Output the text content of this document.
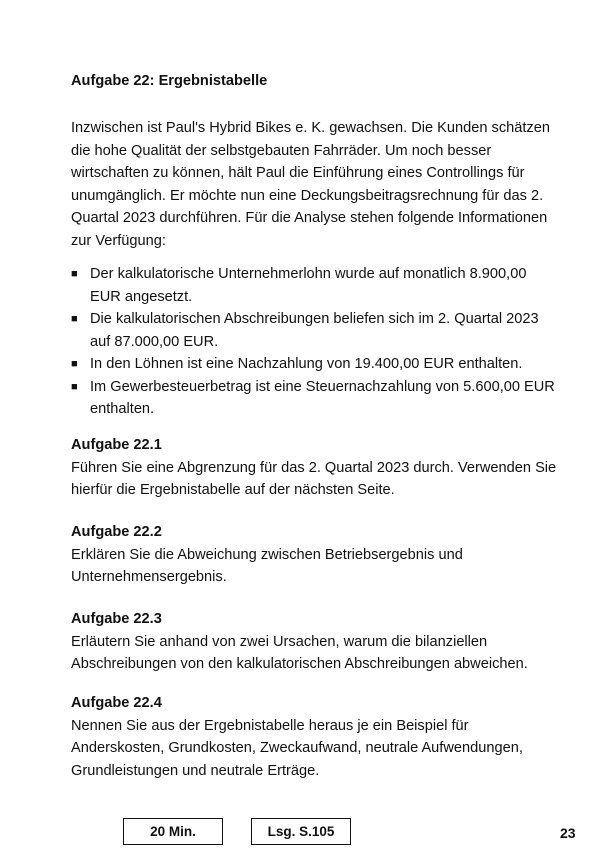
Aufgabe 22: Ergebnistabelle
Inzwischen ist Paul's Hybrid Bikes e. K. gewachsen. Die Kunden schätzen die hohe Qualität der selbstgebauten Fahrräder. Um noch besser wirtschaften zu können, hält Paul die Einführung eines Controllings für unumgänglich. Er möchte nun eine Deckungsbeitragsrechnung für das 2. Quartal 2023 durchführen. Für die Analyse stehen folgende Informationen zur Verfügung:
■ Der kalkulatorische Unternehmerlohn wurde auf monatlich 8.900,00 EUR angesetzt.
■ Die kalkulatorischen Abschreibungen beliefen sich im 2. Quartal 2023 auf 87.000,00 EUR.
■ In den Löhnen ist eine Nachzahlung von 19.400,00 EUR enthalten.
■ Im Gewerbesteuerbetrag ist eine Steuernachzahlung von 5.600,00 EUR enthalten.
Aufgabe 22.1
Führen Sie eine Abgrenzung für das 2. Quartal 2023 durch. Verwenden Sie hierfür die Ergebnistabelle auf der nächsten Seite.
Aufgabe 22.2
Erklären Sie die Abweichung zwischen Betriebsergebnis und Unternehmensergebnis.
Aufgabe 22.3
Erläutern Sie anhand von zwei Ursachen, warum die bilanziellen Abschreibungen von den kalkulatorischen Abschreibungen abweichen.
Aufgabe 22.4
Nennen Sie aus der Ergebnistabelle heraus je ein Beispiel für Anderskosten, Grundkosten, Zweckaufwand, neutrale Aufwendungen, Grundleistungen und neutrale Erträge.
20 Min.	Lsg. S.105	23
